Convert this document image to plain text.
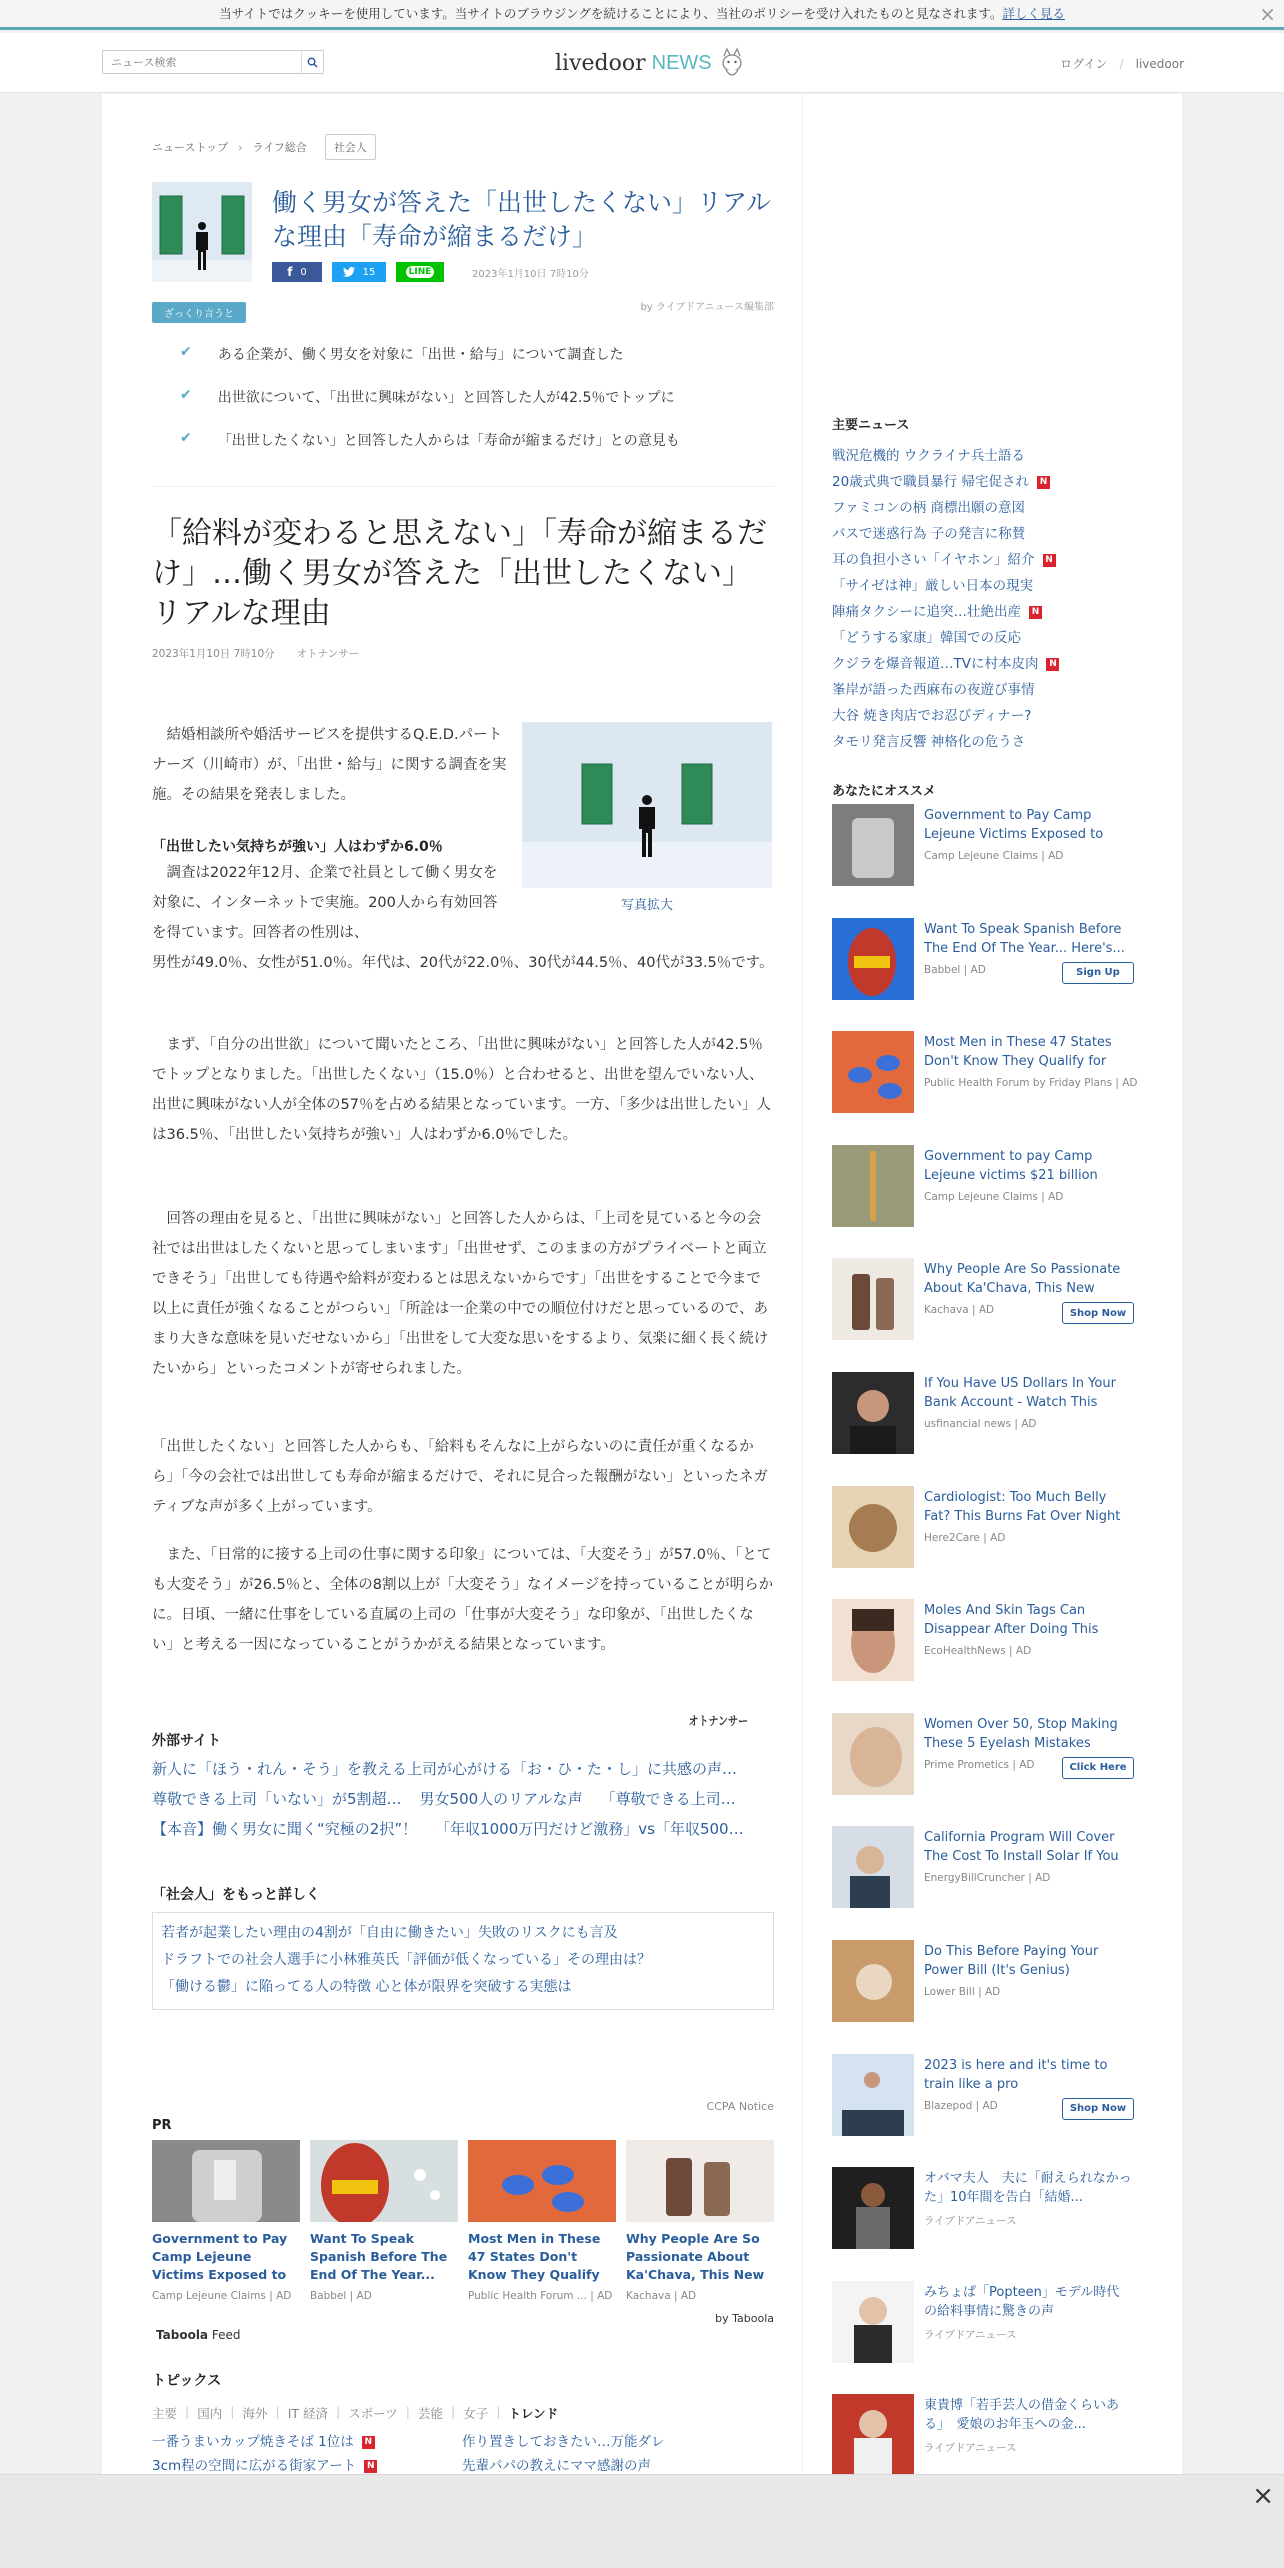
当サイトではクッキーを使用しています。当サイトのブラウジングを続けることにより、当社のポリシーを受け入れたものと見なされます。詳しく見る	×
ニュース検索
livedoor NEWS	ログイン / livedoor
ニューストップ › ライフ総合	社会人
働く男女が答えた「出世したくない」リアルな理由「寿命が縮まるだけ」
f 0	15	LINE	2023年1月10日 7時10分
by ライブドアニュース編集部
ざっくり言うと
✔ ある企業が、働く男女を対象に「出世・給与」について調査した
✔ 出世欲について、「出世に興味がない」と回答した人が42.5％でトップに
✔ 「出世したくない」と回答した人からは「寿命が縮まるだけ」との意見も
「給料が変わると思えない」「寿命が縮まるだけ」…働く男女が答えた「出世したくない」リアルな理由
2023年1月10日 7時10分 オトナンサー
写真拡大
結婚相談所や婚活サービスを提供するQ.E.D.パートナーズ（川崎市）が、「出世・給与」に関する調査を実施。その結果を発表しました。
「出世したい気持ちが強い」人はわずか6.0％
調査は2022年12月、企業で社員として働く男女を対象に、インターネットで実施。200人から有効回答を得ています。回答者の性別は、
男性が49.0％、女性が51.0％。年代は、20代が22.0％、30代が44.5％、40代が33.5％です。
まず、「自分の出世欲」について聞いたところ、「出世に興味がない」と回答した人が42.5％でトップとなりました。「出世したくない」（15.0％）と合わせると、出世を望んでいない人、出世に興味がない人が全体の57％を占める結果となっています。一方、「多少は出世したい」人は36.5％、「出世したい気持ちが強い」人はわずか6.0％でした。
回答の理由を見ると、「出世に興味がない」と回答した人からは、「上司を見ていると今の会社では出世はしたくないと思ってしまいます」「出世せず、このままの方がプライベートと両立できそう」「出世しても待遇や給料が変わるとは思えないからです」「出世をすることで今まで以上に責任が強くなることがつらい」「所詮は一企業の中での順位付けだと思っているので、あまり大きな意味を見いだせないから」「出世をして大変な思いをするより、気楽に細く長く続けたいから」といったコメントが寄せられました。
「出世したくない」と回答した人からも、「給料もそんなに上がらないのに責任が重くなるから」「今の会社では出世しても寿命が縮まるだけで、それに見合った報酬がない」といったネガティブな声が多く上がっています。
また、「日常的に接する上司の仕事に関する印象」については、「大変そう」が57.0％、「とても大変そう」が26.5％と、全体の8割以上が「大変そう」なイメージを持っていることが明らかに。日頃、一緒に仕事をしている直属の上司の「仕事が大変そう」な印象が、「出世したくない」と考える一因になっていることがうかがえる結果となっています。
オトナンサー
外部サイト
新人に「ほう・れん・そう」を教える上司が心がける「お・ひ・た・し」に共感の声…
尊敬できる上司「いない」が5割超… 男女500人のリアルな声 「尊敬できる上司…
【本音】働く男女に聞く“究極の2択”！ 「年収1000万円だけど激務」vs「年収500…
「社会人」をもっと詳しく
若者が起業したい理由の4割が「自由に働きたい」失敗のリスクにも言及
ドラフトでの社会人選手に小林雅英氏「評価が低くなっている」その理由は？
「働ける鬱」に陥ってる人の特徴 心と体が限界を突破する実態は
CCPA Notice
PR
Government to Pay Camp Lejeune Victims Exposed to
Camp Lejeune Claims | AD
Want To Speak Spanish Before The End Of The Year...
Babbel | AD
Most Men in These 47 States Don't Know They Qualify
Public Health Forum ... | AD
Why People Are So Passionate About Ka'Chava, This New
Kachava | AD
by Taboola
Taboola Feed
トピックス
主要 | 国内 | 海外 | IT 経済 | スポーツ | 芸能 | 女子 | トレンド
一番うまいカップ焼きそば 1位は N	作り置きしておきたい…万能ダレ
3cm程の空間に広がる街家アート N	先輩パパの教えにママ感謝の声
主要ニュース
戦況危機的 ウクライナ兵士語る
20歳式典で職員暴行 帰宅促され N
ファミコンの柄 商標出願の意図
バスで迷惑行為 子の発言に称賛
耳の負担小さい「イヤホン」紹介 N
「サイゼは神」厳しい日本の現実
陣痛タクシーに追突…壮絶出産 N
「どうする家康」韓国での反応
クジラを爆音報道…TVに村本皮肉 N
峯岸が語った西麻布の夜遊び事情
大谷 焼き肉店でお忍びディナー?
タモリ発言反響 神格化の危うさ
あなたにオススメ
Government to Pay Camp Lejeune Victims Exposed to
Camp Lejeune Claims | AD
Want To Speak Spanish Before The End Of The Year... Here's...
Babbel | AD	Sign Up
Most Men in These 47 States Don't Know They Qualify for
Public Health Forum by Friday Plans | AD
Government to pay Camp Lejeune victims $21 billion
Camp Lejeune Claims | AD
Why People Are So Passionate About Ka'Chava, This New
Kachava | AD	Shop Now
If You Have US Dollars In Your Bank Account - Watch This
usfinancial news | AD
Cardiologist: Too Much Belly Fat? This Burns Fat Over Night
Here2Care | AD
Moles And Skin Tags Can Disappear After Doing This
EcoHealthNews | AD
Women Over 50, Stop Making These 5 Eyelash Mistakes
Prime Prometics | AD	Click Here
California Program Will Cover The Cost To Install Solar If You
EnergyBillCruncher | AD
Do This Before Paying Your Power Bill (It's Genius)
Lower Bill | AD
2023 is here and it's time to train like a pro
Blazepod | AD	Shop Now
オバマ夫人　夫に「耐えられなかった」10年間を告白「結婚...
ライブドアニュース
みちょぱ「Popteen」モデル時代の給料事情に驚きの声
ライブドアニュース
東貴博「若手芸人の借金くらいある」　愛娘のお年玉への金...
ライブドアニュース
×
